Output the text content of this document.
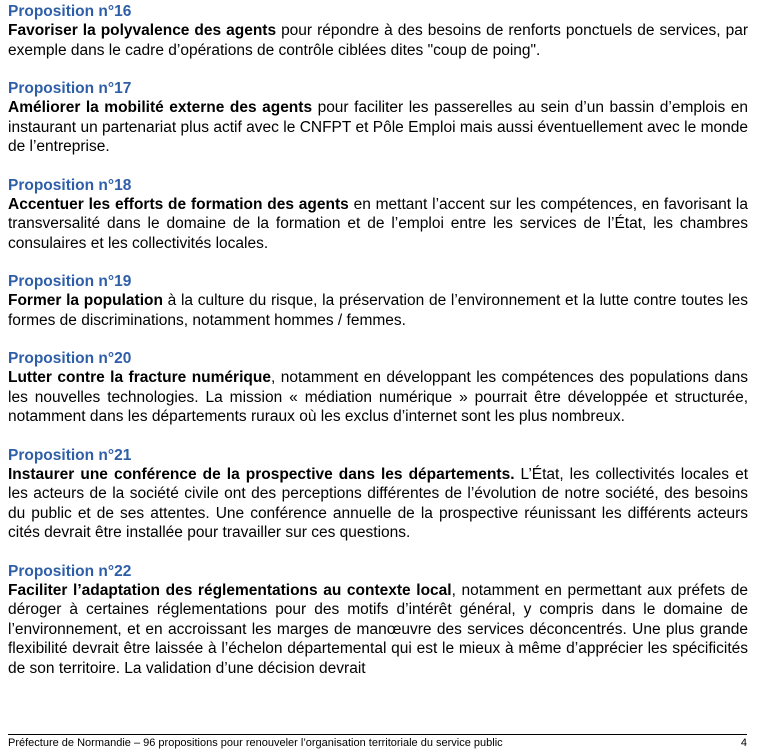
Proposition n°16

Favoriser la polyvalence des agents pour répondre à des besoins de renforts ponctuels de services, par exemple dans le cadre d’opérations de contrôle ciblées dites "coup de poing".

Proposition n°17

Améliorer la mobilité externe des agents pour faciliter les passerelles au sein d’un bassin d’emplois en instaurant un partenariat plus actif avec le CNFPT et Pôle Emploi mais aussi éventuellement avec le monde de l’entreprise.

Proposition n°18

Accentuer les efforts de formation des agents en mettant l’accent sur les compétences, en favorisant la transversalité dans le domaine de la formation et de l’emploi entre les services de l’État, les chambres consulaires et les collectivités locales.

Proposition n°19

Former la population à la culture du risque, la préservation de l’environnement et la lutte contre toutes les formes de discriminations, notamment hommes / femmes.

Proposition n°20

Lutter contre la fracture numérique, notamment en développant les compétences des populations dans les nouvelles technologies. La mission « médiation numérique » pourrait être développée et structurée, notamment dans les départements ruraux où les exclus d’internet sont les plus nombreux.

Proposition n°21

Instaurer une conférence de la prospective dans les départements. L’État, les collectivités locales et les acteurs de la société civile ont des perceptions différentes de l’évolution de notre société, des besoins du public et de ses attentes. Une conférence annuelle de la prospective réunissant les différents acteurs cités devrait être installée pour travailler sur ces questions.

Proposition n°22

Faciliter l’adaptation des réglementations au contexte local, notamment en permettant aux préfets de déroger à certaines réglementations pour des motifs d’intérêt général, y compris dans le domaine de l’environnement, et en accroissant les marges de manœuvre des services déconcentrés. Une plus grande flexibilité devrait être laissée à l’échelon départemental qui est le mieux à même d’apprécier les spécificités de son territoire. La validation d’une décision devrait

Préfecture de Normandie – 96 propositions pour renouveler l’organisation territoriale du service public	4
